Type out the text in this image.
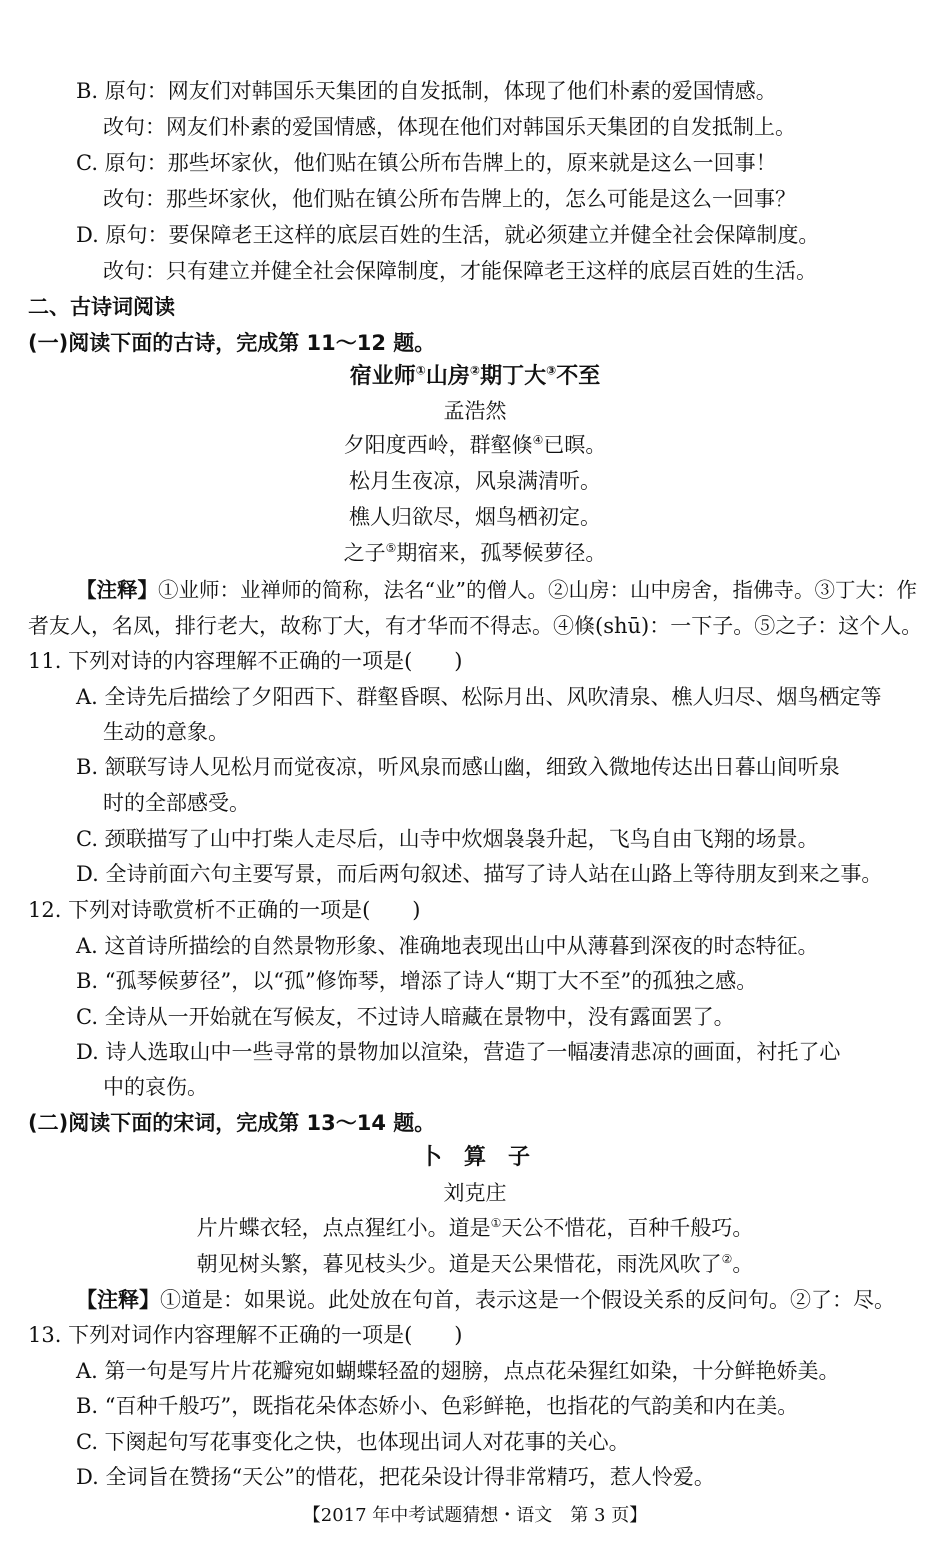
B. 原句：网友们对韩国乐天集团的自发抵制，体现了他们朴素的爱国情感。
改句：网友们朴素的爱国情感，体现在他们对韩国乐天集团的自发抵制上。
C. 原句：那些坏家伙，他们贴在镇公所布告牌上的，原来就是这么一回事！
改句：那些坏家伙，他们贴在镇公所布告牌上的，怎么可能是这么一回事？
D. 原句：要保障老王这样的底层百姓的生活，就必须建立并健全社会保障制度。
改句：只有建立并健全社会保障制度，才能保障老王这样的底层百姓的生活。
二、古诗词阅读
(一)阅读下面的古诗，完成第 11～12 题。
宿业师①山房②期丁大③不至
孟浩然
夕阳度西岭，群壑倏④已暝。
松月生夜凉，风泉满清听。
樵人归欲尽，烟鸟栖初定。
之子⑤期宿来，孤琴候萝径。
【注释】①业师：业禅师的简称，法名“业”的僧人。②山房：山中房舍，指佛寺。③丁大：作
者友人，名凤，排行老大，故称丁大，有才华而不得志。④倏(shū)：一下子。⑤之子：这个人。
11. 下列对诗的内容理解不正确的一项是(　　)
A. 全诗先后描绘了夕阳西下、群壑昏暝、松际月出、风吹清泉、樵人归尽、烟鸟栖定等
生动的意象。
B. 颔联写诗人见松月而觉夜凉，听风泉而感山幽，细致入微地传达出日暮山间听泉
时的全部感受。
C. 颈联描写了山中打柴人走尽后，山寺中炊烟袅袅升起，飞鸟自由飞翔的场景。
D. 全诗前面六句主要写景，而后两句叙述、描写了诗人站在山路上等待朋友到来之事。
12. 下列对诗歌赏析不正确的一项是(　　)
A. 这首诗所描绘的自然景物形象、准确地表现出山中从薄暮到深夜的时态特征。
B. “孤琴候萝径”，以“孤”修饰琴，增添了诗人“期丁大不至”的孤独之感。
C. 全诗从一开始就在写候友，不过诗人暗藏在景物中，没有露面罢了。
D. 诗人选取山中一些寻常的景物加以渲染，营造了一幅凄清悲凉的画面，衬托了心
中的哀伤。
(二)阅读下面的宋词，完成第 13～14 题。
卜　算　子
刘克庄
片片蝶衣轻，点点猩红小。道是①天公不惜花，百种千般巧。
朝见树头繁，暮见枝头少。道是天公果惜花，雨洗风吹了②。
【注释】①道是：如果说。此处放在句首，表示这是一个假设关系的反问句。②了：尽。
13. 下列对词作内容理解不正确的一项是(　　)
A. 第一句是写片片花瓣宛如蝴蝶轻盈的翅膀，点点花朵猩红如染，十分鲜艳娇美。
B. “百种千般巧”，既指花朵体态娇小、色彩鲜艳，也指花的气韵美和内在美。
C. 下阕起句写花事变化之快，也体现出词人对花事的关心。
D. 全词旨在赞扬“天公”的惜花，把花朵设计得非常精巧，惹人怜爱。
【2017 年中考试题猜想・语文　第 3 页】
